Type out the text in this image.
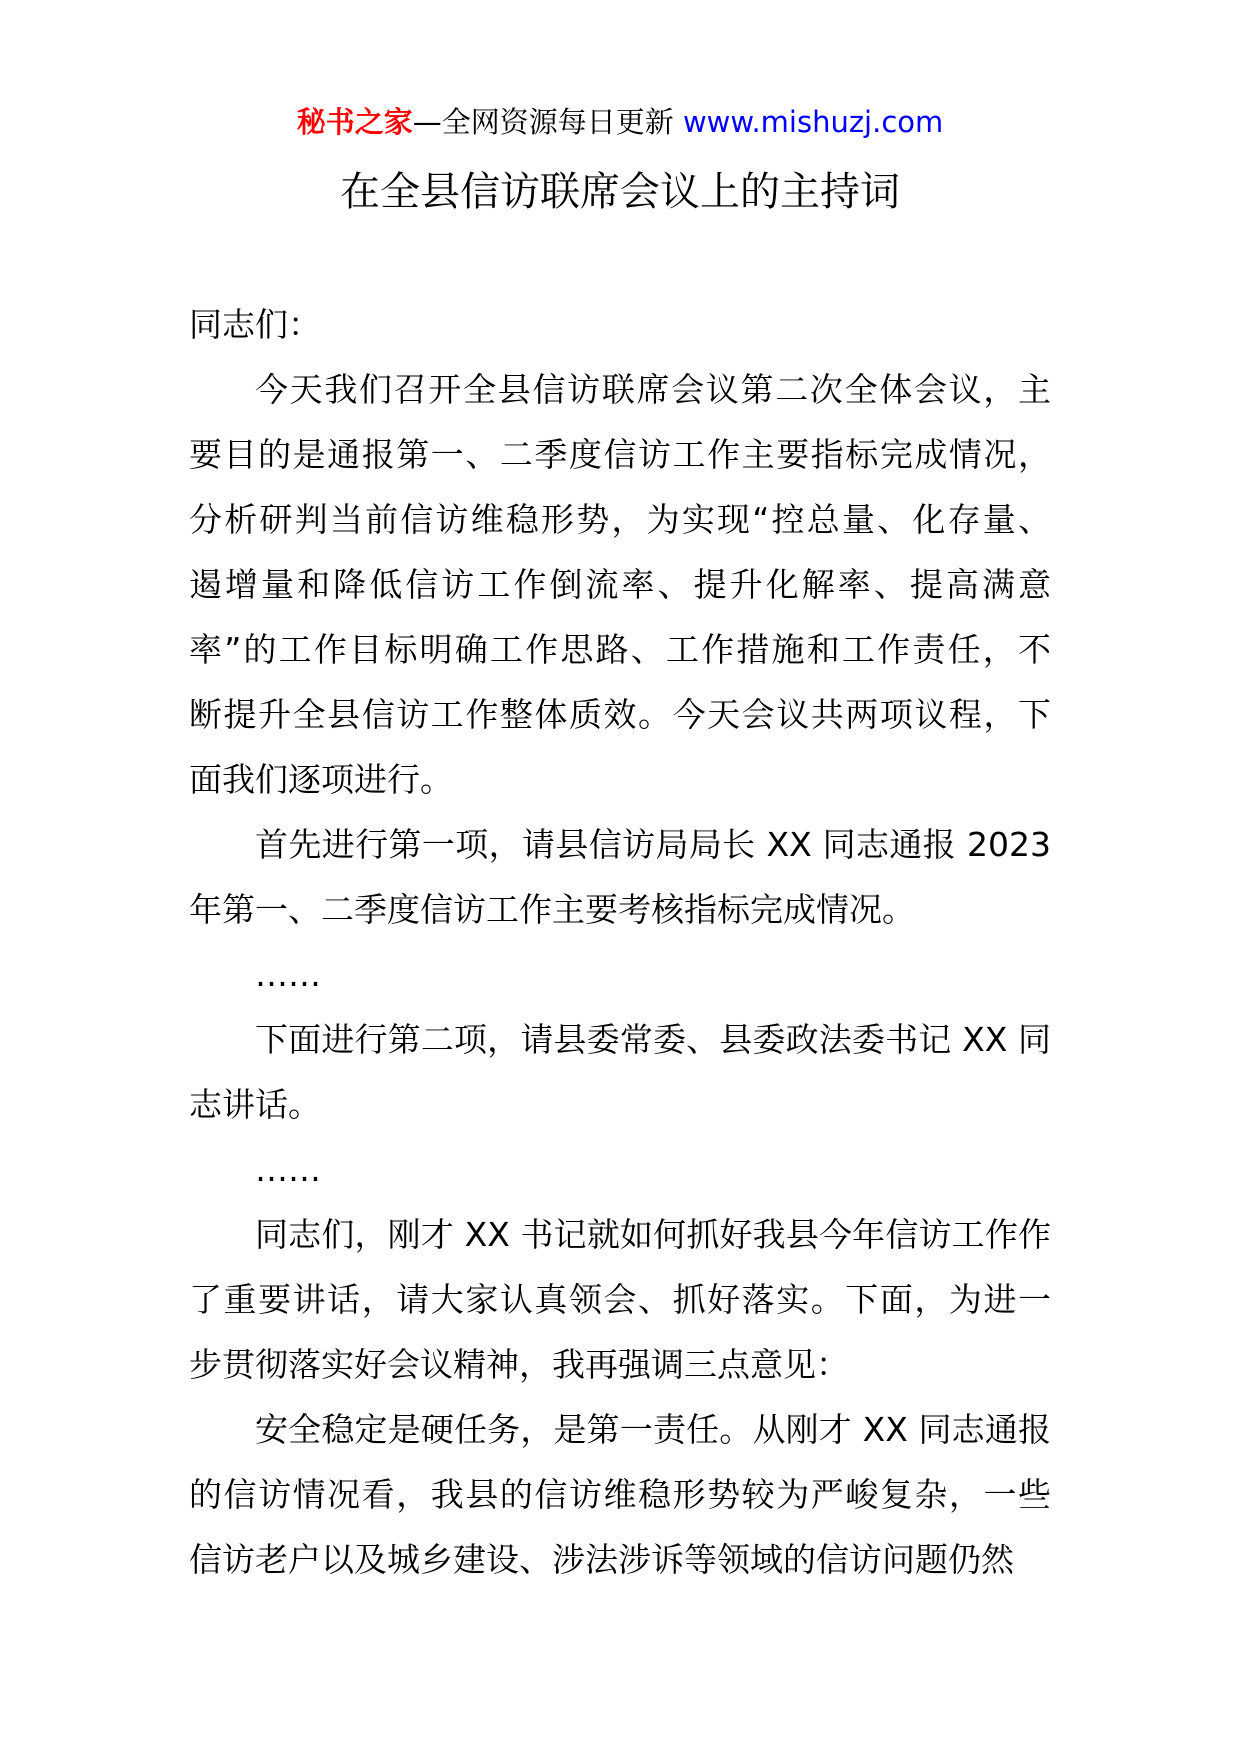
秘书之家—全网资源每日更新 www.mishuzj.com
在全县信访联席会议上的主持词
同志们：
今天我们召开全县信访联席会议第二次全体会议，主
要目的是通报第一、二季度信访工作主要指标完成情况，
分析研判当前信访维稳形势，为实现“控总量、化存量、
遏增量和降低信访工作倒流率、提升化解率、提高满意
率”的工作目标明确工作思路、工作措施和工作责任，不
断提升全县信访工作整体质效。今天会议共两项议程，下
面我们逐项进行。
首先进行第一项，请县信访局局长 XX 同志通报 2023
年第一、二季度信访工作主要考核指标完成情况。
……
下面进行第二项，请县委常委、县委政法委书记 XX 同
志讲话。
……
同志们，刚才 XX 书记就如何抓好我县今年信访工作作
了重要讲话，请大家认真领会、抓好落实。下面，为进一
步贯彻落实好会议精神，我再强调三点意见：
安全稳定是硬任务，是第一责任。从刚才 XX 同志通报
的信访情况看，我县的信访维稳形势较为严峻复杂，一些
信访老户以及城乡建设、涉法涉诉等领域的信访问题仍然
